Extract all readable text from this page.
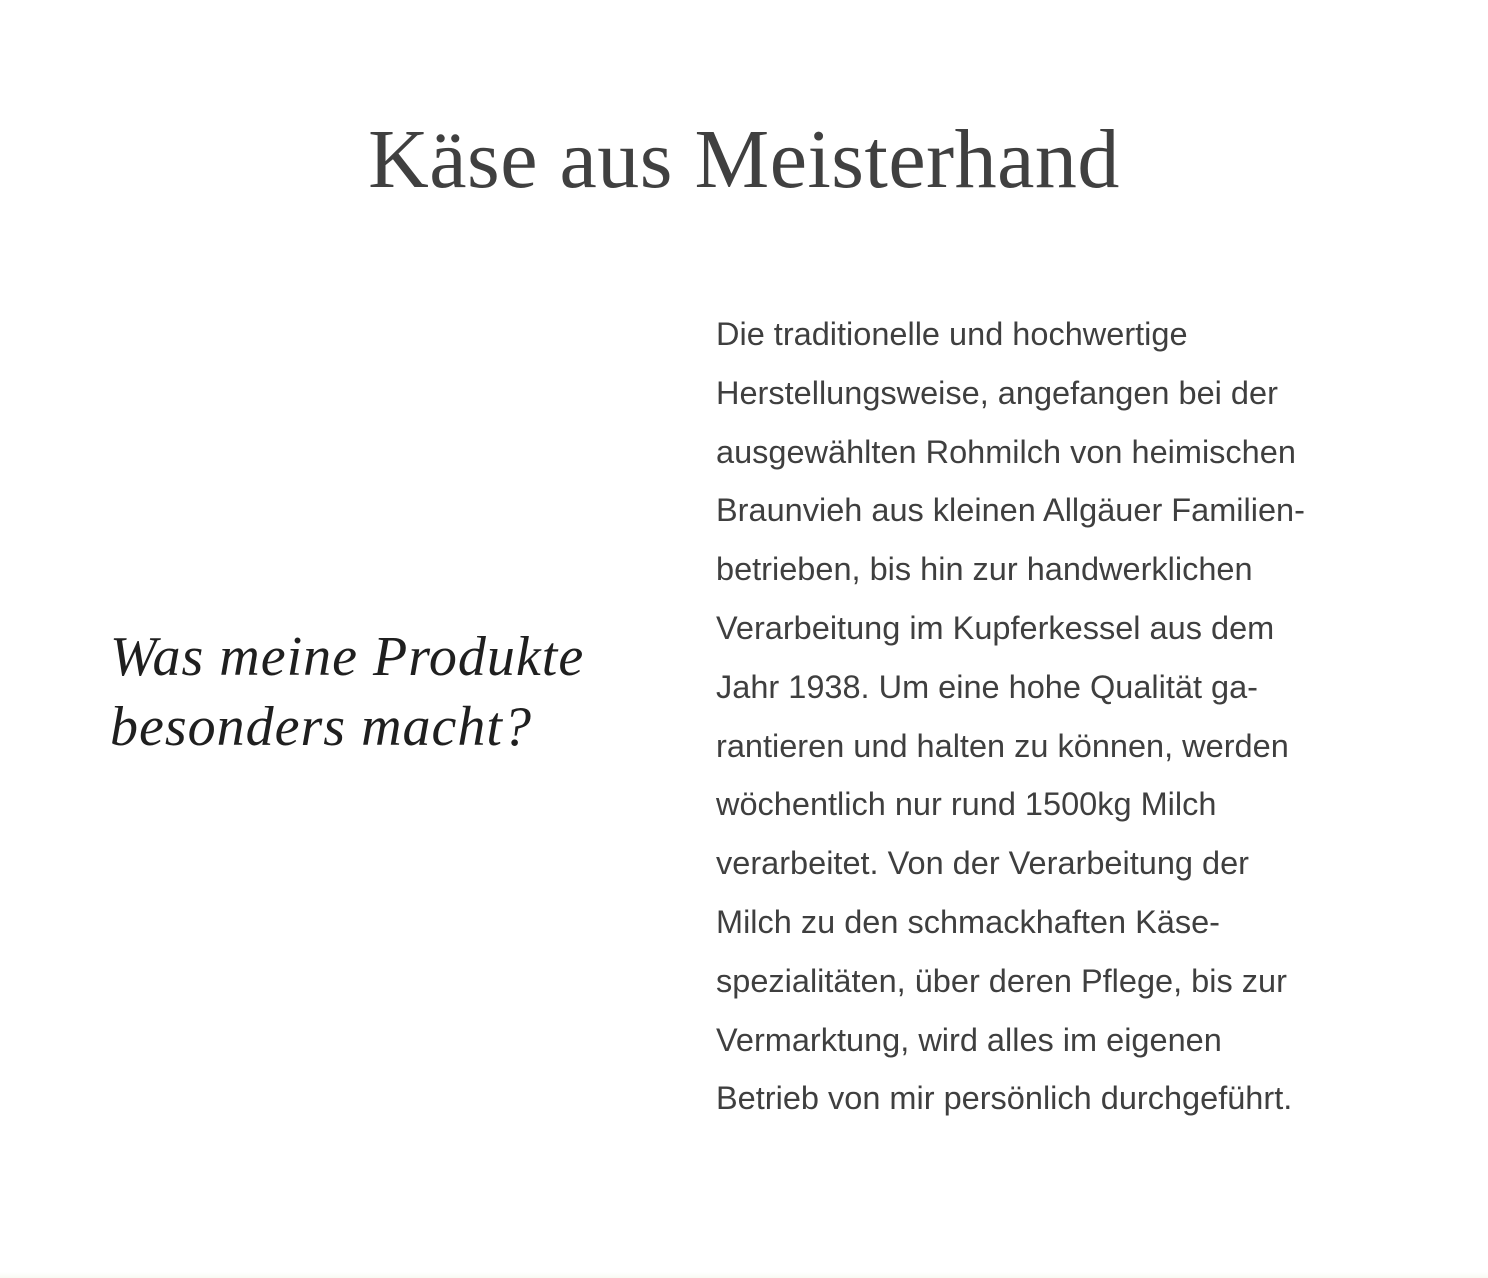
Käse aus Meisterhand
Was meine Produkte
besonders macht?

Die traditionelle und hochwertige
Herstellungsweise, angefangen bei der
ausgewählten Rohmilch von heimischen
Braunvieh aus kleinen Allgäuer Familien-
betrieben, bis hin zur handwerklichen
Verarbeitung im Kupferkessel aus dem
Jahr 1938. Um eine hohe Qualität ga-
rantieren und halten zu können, werden
wöchentlich nur rund 1500kg Milch
verarbeitet. Von der Verarbeitung der
Milch zu den schmackhaften Käse-
spezialitäten, über deren Pflege, bis zur
Vermarktung, wird alles im eigenen
Betrieb von mir persönlich durchgeführt.
